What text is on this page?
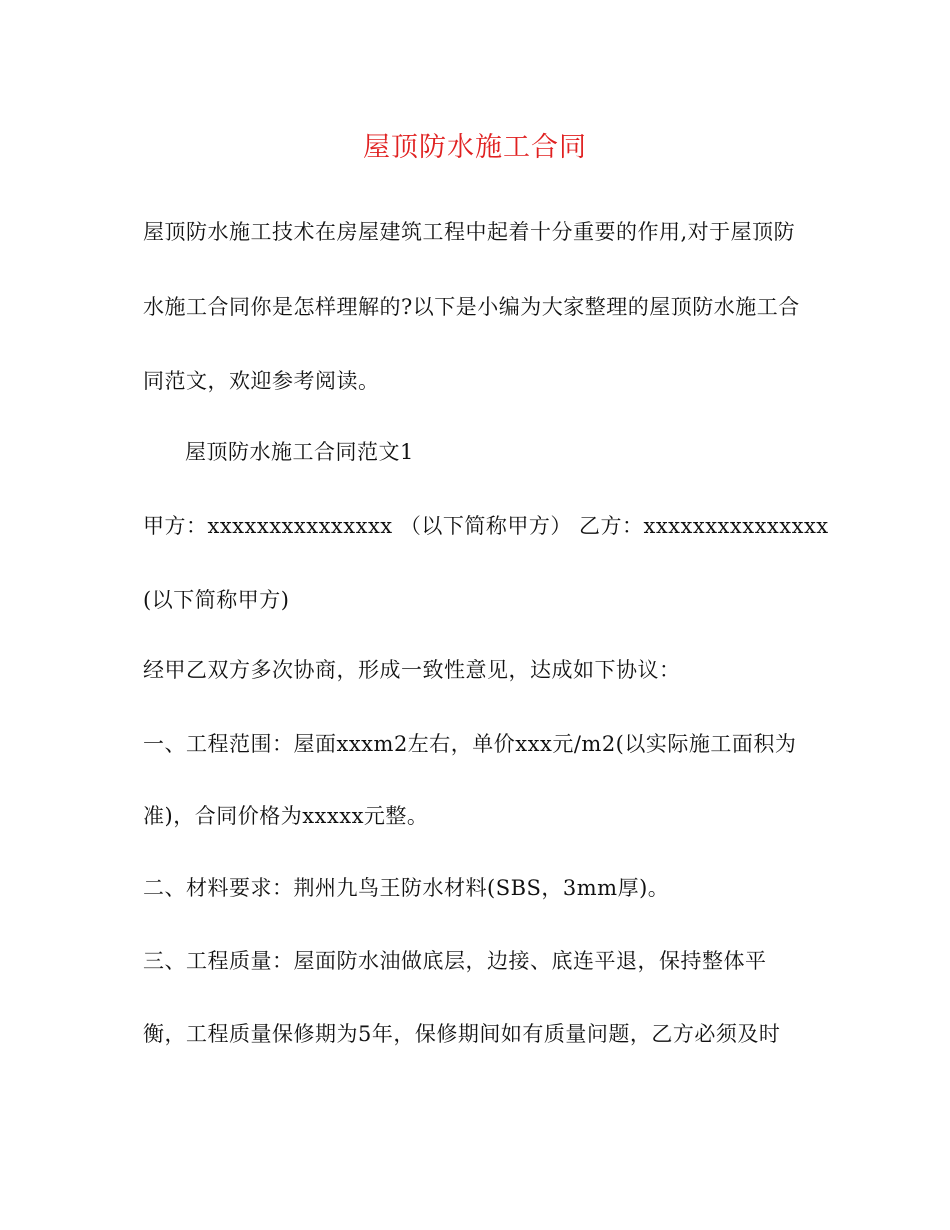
屋顶防水施工合同
屋顶防水施工技术在房屋建筑工程中起着十分重要的作用,对于屋顶防
水施工合同你是怎样理解的?以下是小编为大家整理的屋顶防水施工合
同范文，欢迎参考阅读。
屋顶防水施工合同范文1
甲方：xxxxxxxxxxxxxxx （以下简称甲方） 乙方：xxxxxxxxxxxxxxx
(以下简称甲方)
经甲乙双方多次协商，形成一致性意见，达成如下协议：
一、工程范围：屋面xxxm2左右，单价xxx元/m2(以实际施工面积为
准)，合同价格为xxxxx元整。
二、材料要求：荆州九鸟王防水材料(SBS，3mm厚)。
三、工程质量：屋面防水油做底层，边接、底连平退，保持整体平
衡，工程质量保修期为5年，保修期间如有质量问题，乙方必须及时
